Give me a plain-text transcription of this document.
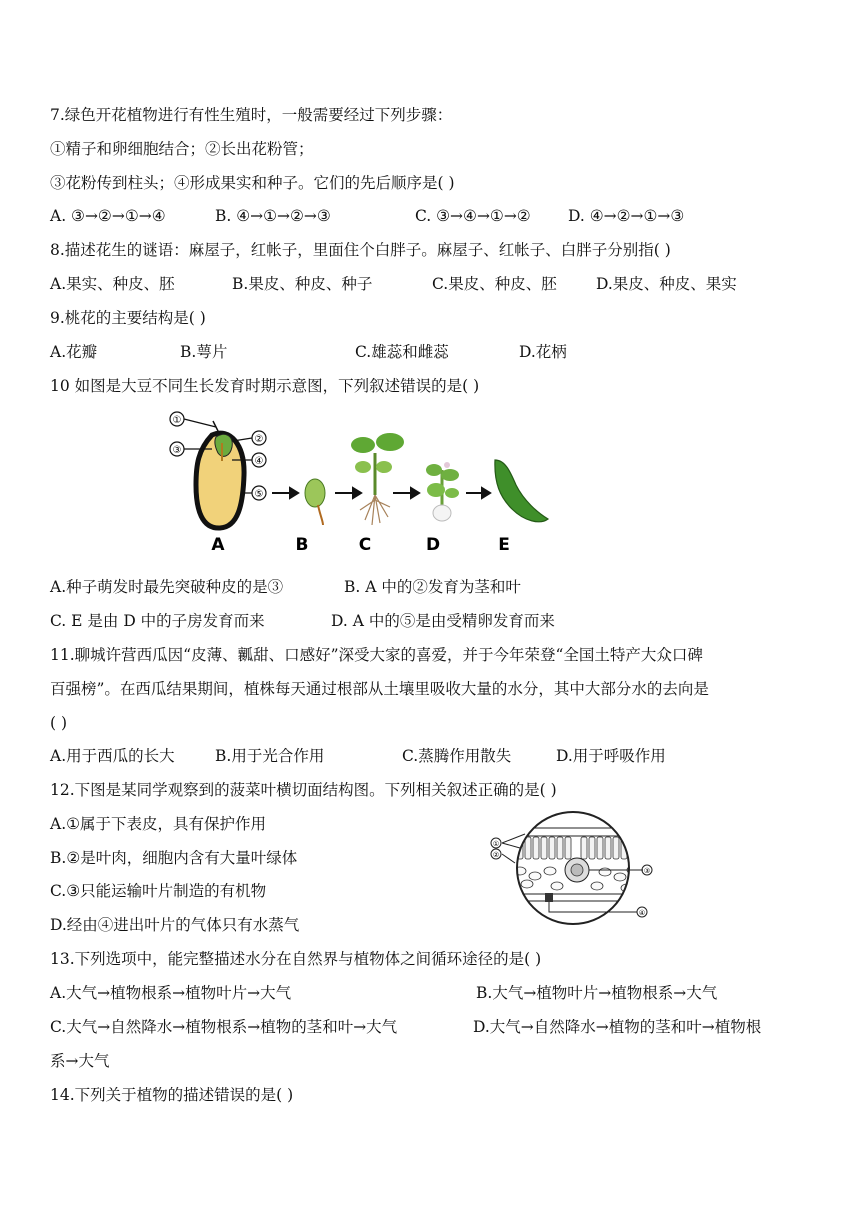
7.绿色开花植物进行有性生殖时，一般需要经过下列步骤：
①精子和卵细胞结合；②长出花粉管；
③花粉传到柱头；④形成果实和种子。它们的先后顺序是( )
A. ③→②→①→④	B. ④→①→②→③	C. ③→④→①→② D. ④→②→①→③
8.描述花生的谜语：麻屋子，红帐子，里面住个白胖子。麻屋子、红帐子、白胖子分别指( )
A.果实、种皮、胚	B.果皮、种皮、种子	C.果皮、种皮、胚	D.果皮、种皮、果实
9.桃花的主要结构是( )
A.花瓣	B.萼片	C.雄蕊和雌蕊	D.花柄
10 如图是大豆不同生长发育时期示意图，下列叙述错误的是( )
①
②
③
④
⑤
A	B	C	D	E
A.种子萌发时最先突破种皮的是③	B. A 中的②发育为茎和叶
C. E 是由 D 中的子房发育而来	D. A 中的⑤是由受精卵发育而来
11.聊城许营西瓜因“皮薄、瓤甜、口感好”深受大家的喜爱，并于今年荣登“全国土特产大众口碑
百强榜”。在西瓜结果期间，植株每天通过根部从土壤里吸收大量的水分，其中大部分水的去向是
( )
A.用于西瓜的长大	B.用于光合作用	C.蒸腾作用散失	D.用于呼吸作用
12.下图是某同学观察到的菠菜叶横切面结构图。下列相关叙述正确的是( )
A.①属于下表皮，具有保护作用
B.②是叶肉，细胞内含有大量叶绿体
C.③只能运输叶片制造的有机物
D.经由④进出叶片的气体只有水蒸气
①
②
③
④
13.下列选项中，能完整描述水分在自然界与植物体之间循环途径的是( )
A.大气→植物根系→植物叶片→大气	B.大气→植物叶片→植物根系→大气
C.大气→自然降水→植物根系→植物的茎和叶→大气	D.大气→自然降水→植物的茎和叶→植物根
系→大气
14.下列关于植物的描述错误的是( )
